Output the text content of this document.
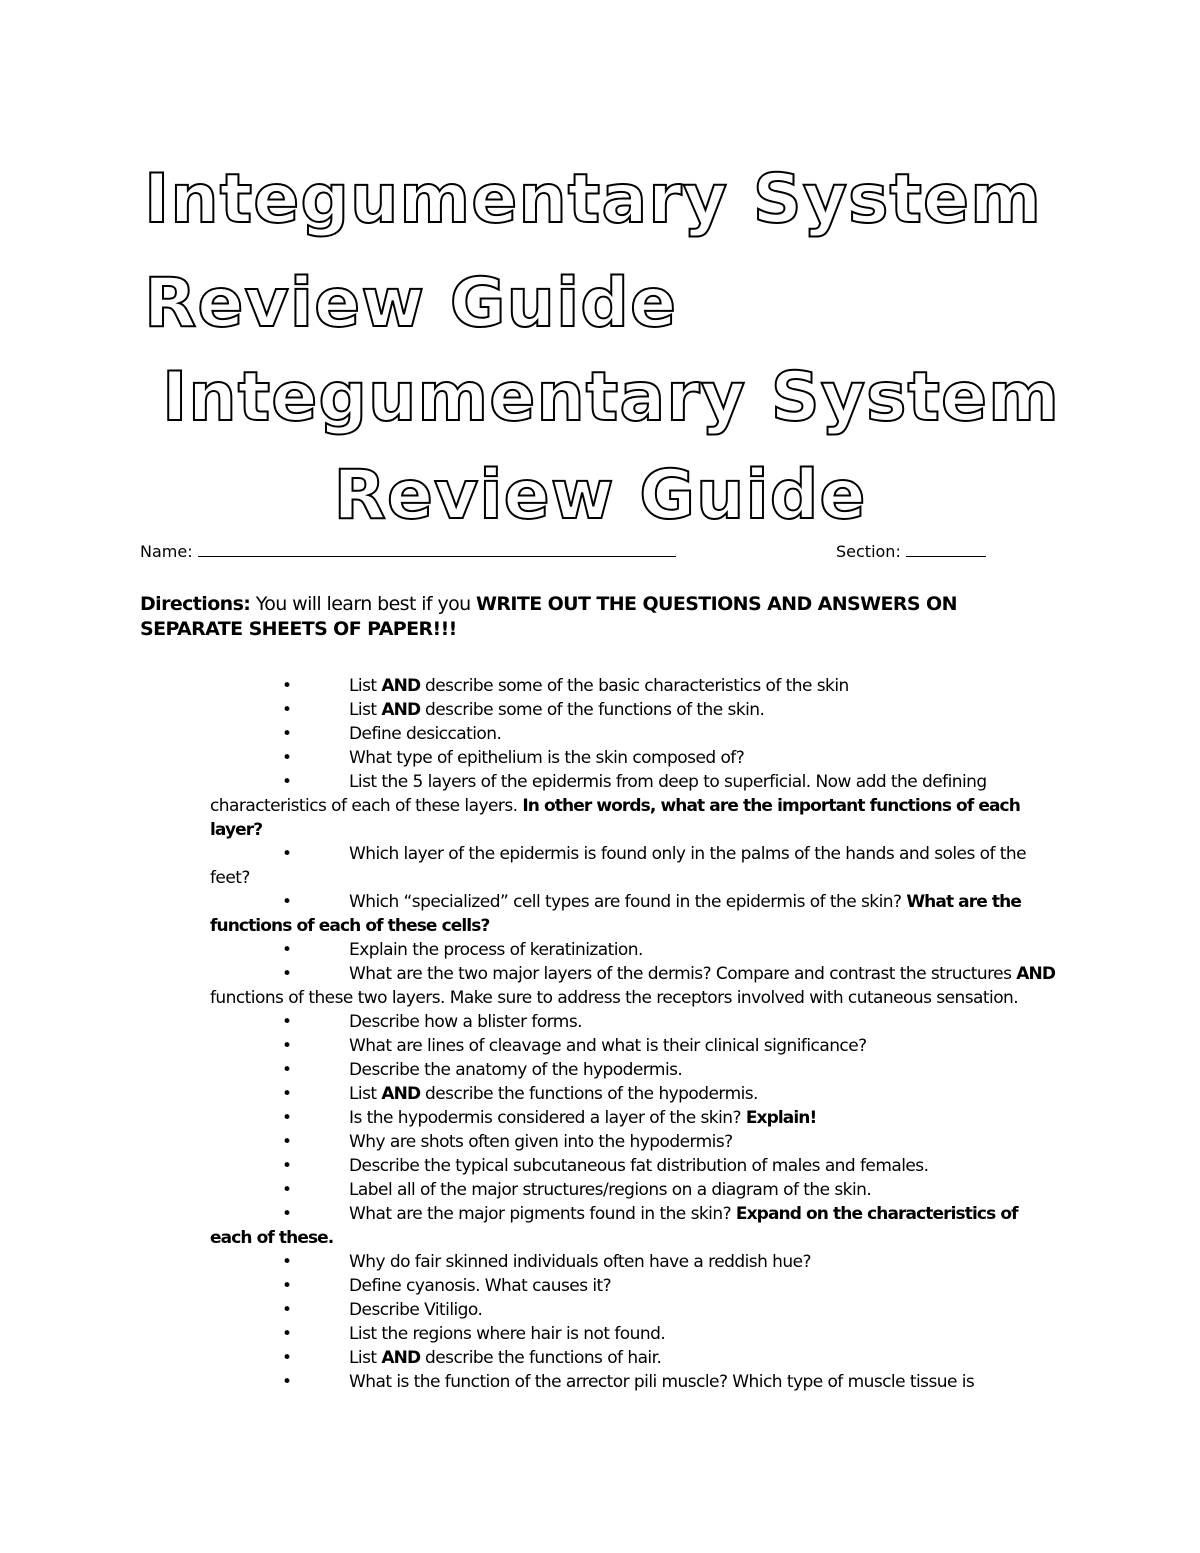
Integumentary System
Review Guide
Integumentary System
Review Guide
Name:	Section:
Directions: You will learn best if you WRITE OUT THE QUESTIONS AND ANSWERS ON SEPARATE SHEETS OF PAPER!!!
• List AND describe some of the basic characteristics of the skin
• List AND describe some of the functions of the skin.
• Define desiccation.
• What type of epithelium is the skin composed of?
• List the 5 layers of the epidermis from deep to superficial. Now add the defining characteristics of each of these layers. In other words, what are the important functions of each layer?
• Which layer of the epidermis is found only in the palms of the hands and soles of the feet?
• Which “specialized” cell types are found in the epidermis of the skin? What are the functions of each of these cells?
• Explain the process of keratinization.
• What are the two major layers of the dermis? Compare and contrast the structures AND functions of these two layers. Make sure to address the receptors involved with cutaneous sensation.
• Describe how a blister forms.
• What are lines of cleavage and what is their clinical significance?
• Describe the anatomy of the hypodermis.
• List AND describe the functions of the hypodermis.
• Is the hypodermis considered a layer of the skin? Explain!
• Why are shots often given into the hypodermis?
• Describe the typical subcutaneous fat distribution of males and females.
• Label all of the major structures/regions on a diagram of the skin.
• What are the major pigments found in the skin? Expand on the characteristics of each of these.
• Why do fair skinned individuals often have a reddish hue?
• Define cyanosis. What causes it?
• Describe Vitiligo.
• List the regions where hair is not found.
• List AND describe the functions of hair.
• What is the function of the arrector pili muscle? Which type of muscle tissue is
